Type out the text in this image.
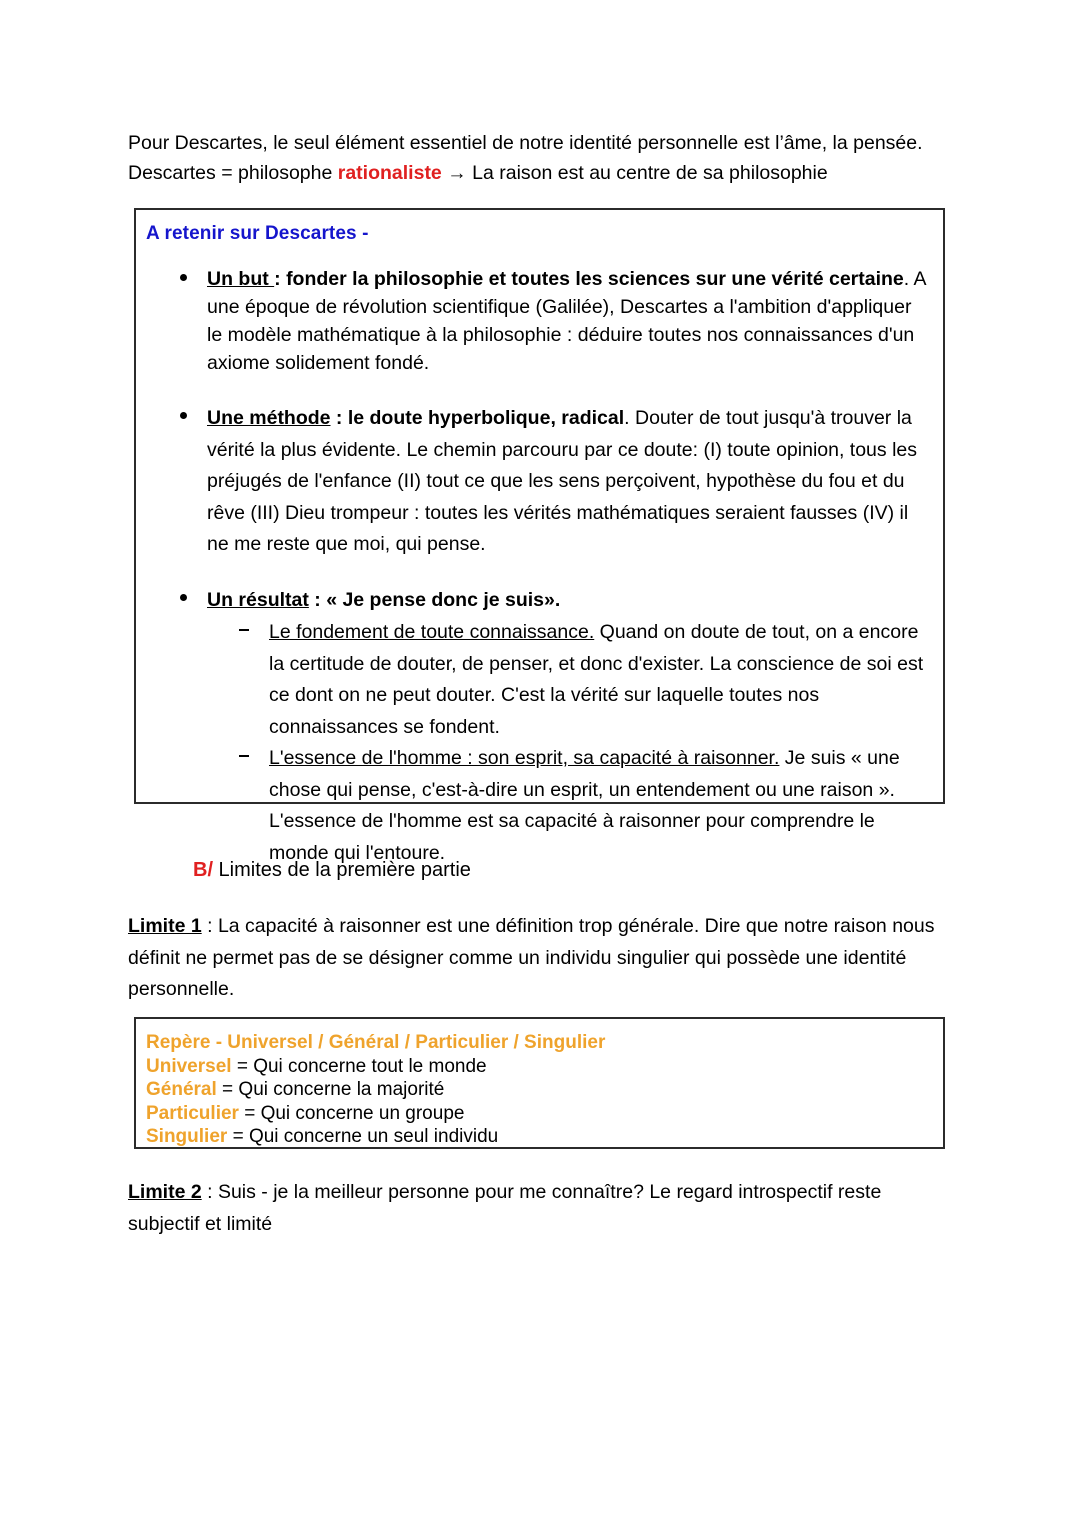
Pour Descartes, le seul élément essentiel de notre identité personnelle est l’âme, la pensée.
Descartes = philosophe rationaliste → La raison est au centre de sa philosophie
A retenir sur Descartes -
Un but : fonder la philosophie et toutes les sciences sur une vérité certaine. A une époque de révolution scientifique (Galilée), Descartes a l'ambition d'appliquer le modèle mathématique à la philosophie : déduire toutes nos connaissances d'un axiome solidement fondé.
Une méthode : le doute hyperbolique, radical. Douter de tout jusqu'à trouver la vérité la plus évidente. Le chemin parcouru par ce doute: (I) toute opinion, tous les préjugés de l'enfance (II) tout ce que les sens perçoivent, hypothèse du fou et du rêve (III) Dieu trompeur : toutes les vérités mathématiques seraient fausses (IV) il ne me reste que moi, qui pense.
Un résultat : « Je pense donc je suis».
Le fondement de toute connaissance. Quand on doute de tout, on a encore la certitude de douter, de penser, et donc d'exister. La conscience de soi est ce dont on ne peut douter. C'est la vérité sur laquelle toutes nos connaissances se fondent.
L'essence de l'homme : son esprit, sa capacité à raisonner. Je suis « une chose qui pense, c'est-à-dire un esprit, un entendement ou une raison ». L'essence de l'homme est sa capacité à raisonner pour comprendre le monde qui l'entoure.
B/ Limites de la première partie
Limite 1 : La capacité à raisonner est une définition trop générale. Dire que notre raison nous définit ne permet pas de se désigner comme un individu singulier qui possède une identité personnelle.
Repère - Universel / Général / Particulier / Singulier
Universel = Qui concerne tout le monde
Général = Qui concerne la majorité
Particulier = Qui concerne un groupe
Singulier = Qui concerne un seul individu
Limite 2 : Suis - je la meilleur personne pour me connaître? Le regard introspectif reste subjectif et limité
